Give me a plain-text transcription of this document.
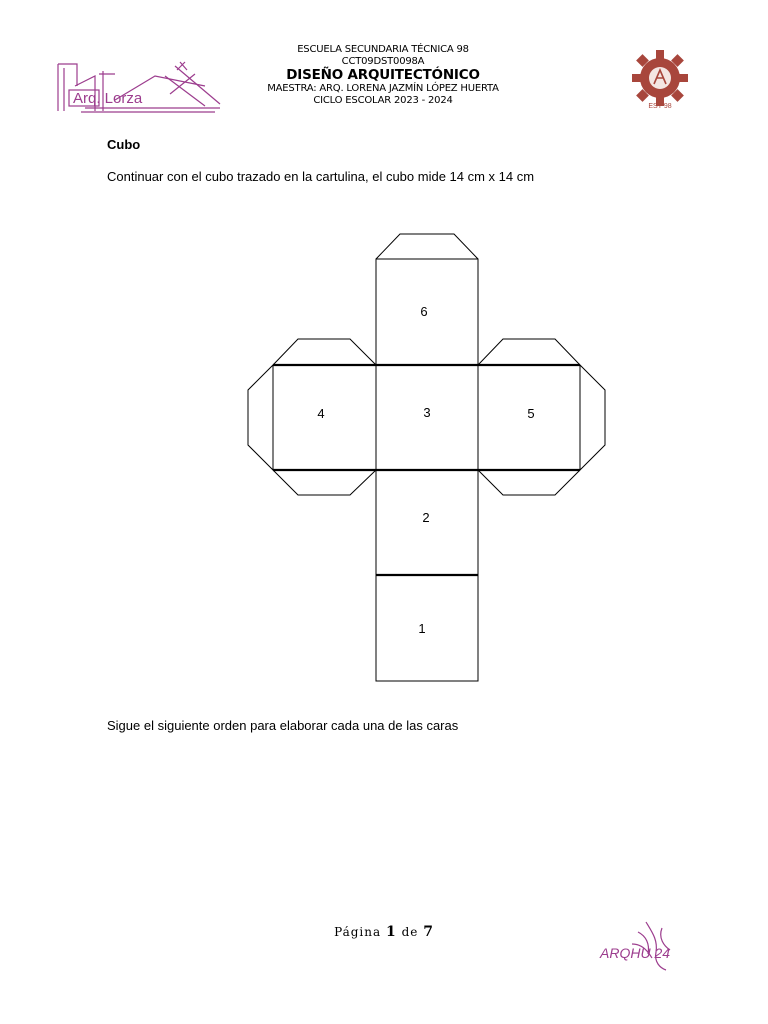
Arq. Lorza
ESCUELA SECUNDARIA TÉCNICA 98
CCT09DST0098A
DISEÑO ARQUITECTÓNICO
MAESTRA: ARQ. LORENA JAZMÍN LÓPEZ HUERTA
CICLO ESCOLAR 2023 - 2024
EST 98
Cubo
Continuar con el cubo trazado en la cartulina, el cubo mide 14 cm x 14 cm
6
4	3	5
2
1
Sigue el siguiente orden para elaborar cada una de las caras
Página 1 de 7
ARQHU 24
